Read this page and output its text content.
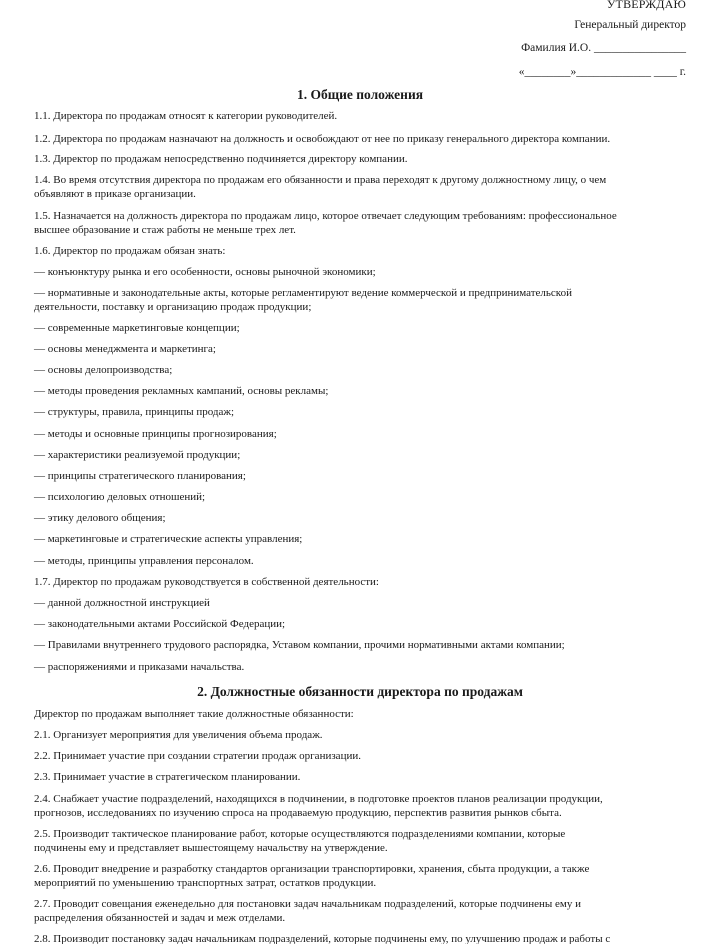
УТВЕРЖДАЮ
Генеральный директор
Фамилия И.О. ________________
«________»_____________ ____ г.
1. Общие положения
1.1. Директора по продажам относят к категории руководителей.
1.2. Директора по продажам назначают на должность и освобождают от нее по приказу генерального директора компании.
1.3. Директор по продажам непосредственно подчиняется директору компании.
1.4. Во время отсутствия директора по продажам его обязанности и права переходят к другому должностному лицу, о чем
объявляют в приказе организации.
1.5. Назначается на должность директора по продажам лицо, которое отвечает следующим требованиям: профессиональное
высшее образование и стаж работы не меньше трех лет.
1.6. Директор по продажам обязан знать:
— конъюнктуру рынка и его особенности, основы рыночной экономики;
— нормативные и законодательные акты, которые регламентируют ведение коммерческой и предпринимательской
деятельности, поставку и организацию продаж продукции;
— современные маркетинговые концепции;
— основы менеджмента и маркетинга;
— основы делопроизводства;
— методы проведения рекламных кампаний, основы рекламы;
— структуры, правила, принципы продаж;
— методы и основные принципы прогнозирования;
— характеристики реализуемой продукции;
— принципы стратегического планирования;
— психологию деловых отношений;
— этику делового общения;
— маркетинговые и стратегические аспекты управления;
— методы, принципы управления персоналом.
1.7. Директор по продажам руководствуется в собственной деятельности:
— данной должностной инструкцией
— законодательными актами Российской Федерации;
— Правилами внутреннего трудового распорядка, Уставом компании, прочими нормативными актами компании;
— распоряжениями и приказами начальства.
2. Должностные обязанности директора по продажам
Директор по продажам выполняет такие должностные обязанности:
2.1. Организует мероприятия для увеличения объема продаж.
2.2. Принимает участие при создании стратегии продаж организации.
2.3. Принимает участие в стратегическом планировании.
2.4. Снабжает участие подразделений, находящихся в подчинении, в подготовке проектов планов реализации продукции,
прогнозов, исследованиях по изучению спроса на продаваемую продукцию, перспектив развития рынков сбыта.
2.5. Производит тактическое планирование работ, которые осуществляются подразделениями компании, которые
подчинены ему и представляет вышестоящему начальству на утверждение.
2.6. Проводит внедрение и разработку стандартов организации транспортировки, хранения, сбыта продукции, а также
мероприятий по уменьшению транспортных затрат, остатков продукции.
2.7. Проводит совещания еженедельно для постановки задач начальникам подразделений, которые подчинены ему и
распределения обязанностей и задач и меж отделами.
2.8. Производит постановку задач начальникам подразделений, которые подчинены ему, по улучшению продаж и работы с
